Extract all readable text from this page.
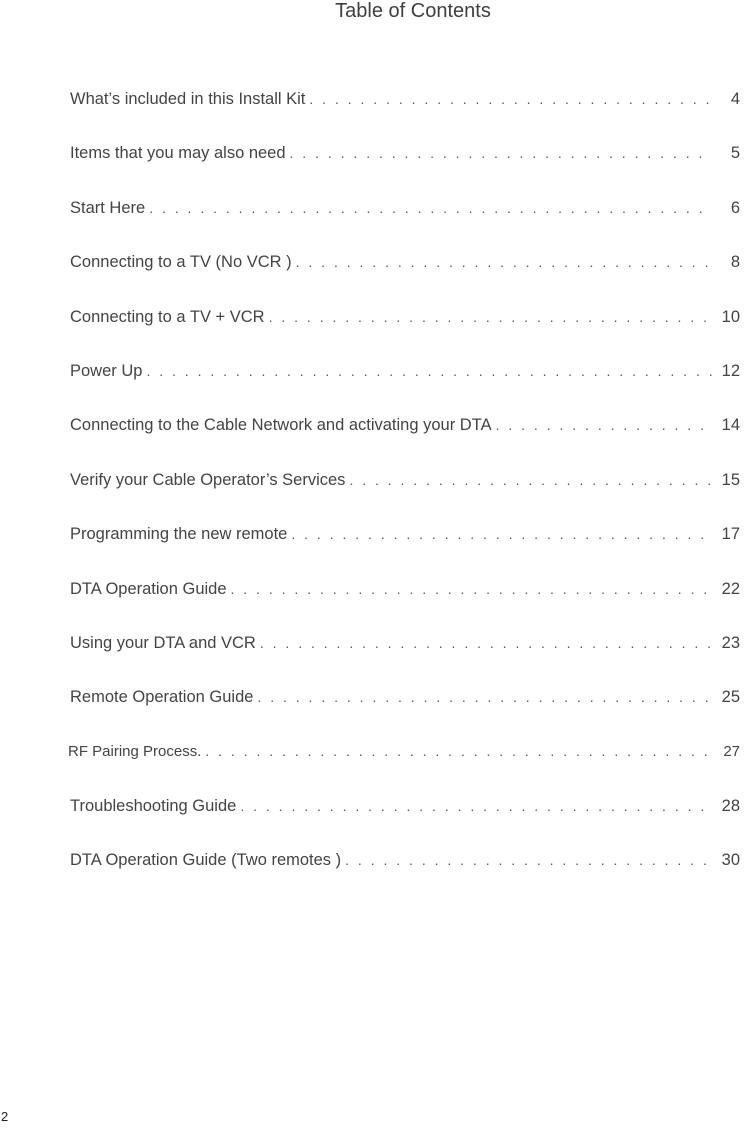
Table of Contents
What’s included in this Install Kit . . .	4
Items that you may also need . . .	5
Start Here . . .	6
Connecting to a TV (No VCR ) . . .	8
Connecting to a TV + VCR . . .	10
Power Up . . .	12
Connecting to the Cable Network and activating your DTA . . .	14
Verify your Cable Operator’s Services . . .	15
Programming the new remote . . .	17
DTA Operation Guide . . .	22
Using your DTA and VCR . . .	23
Remote Operation Guide . . .	25
RF Pairing Process. . . .	27
Troubleshooting Guide . . .	28
DTA Operation Guide (Two remotes ) . . .	30
2
